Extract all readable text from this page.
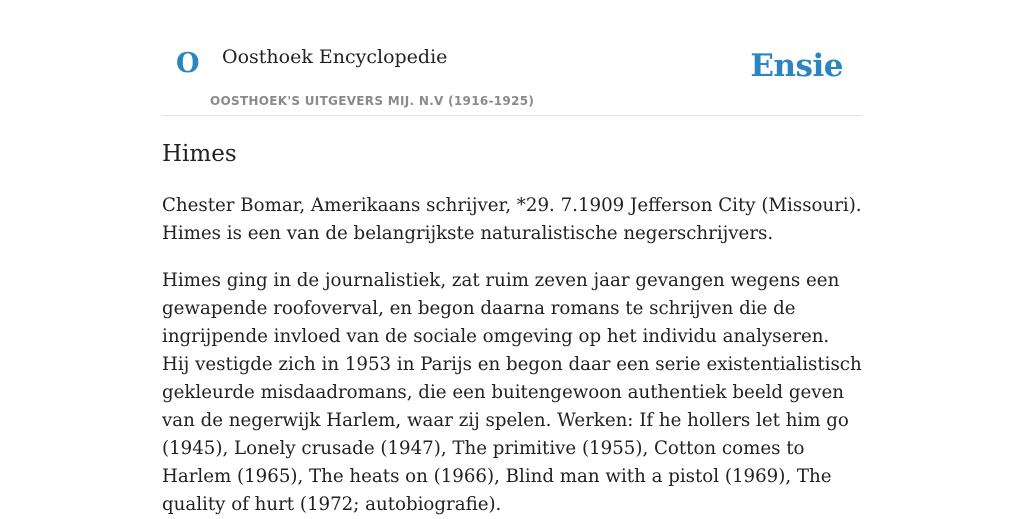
O Oosthoek Encyclopedie
OOSTHOEK'S UITGEVERS MIJ. N.V (1916-1925)
Ensie
Himes

Chester Bomar, Amerikaans schrijver, *29. 7.1909 Jefferson City (Missouri). Himes is een van de belangrijkste naturalistische negerschrijvers.

Himes ging in de journalistiek, zat ruim zeven jaar gevangen wegens een gewapende roofoverval, en begon daarna romans te schrijven die de ingrijpende invloed van de sociale omgeving op het individu analyseren. Hij vestigde zich in 1953 in Parijs en begon daar een serie existentialistisch gekleurde misdaadromans, die een buitengewoon authentiek beeld geven van de negerwijk Harlem, waar zij spelen. Werken: If he hollers let him go (1945), Lonely crusade (1947), The primitive (1955), Cotton comes to Harlem (1965), The heats on (1966), Blind man with a pistol (1969), The quality of hurt (1972; autobiografie).
